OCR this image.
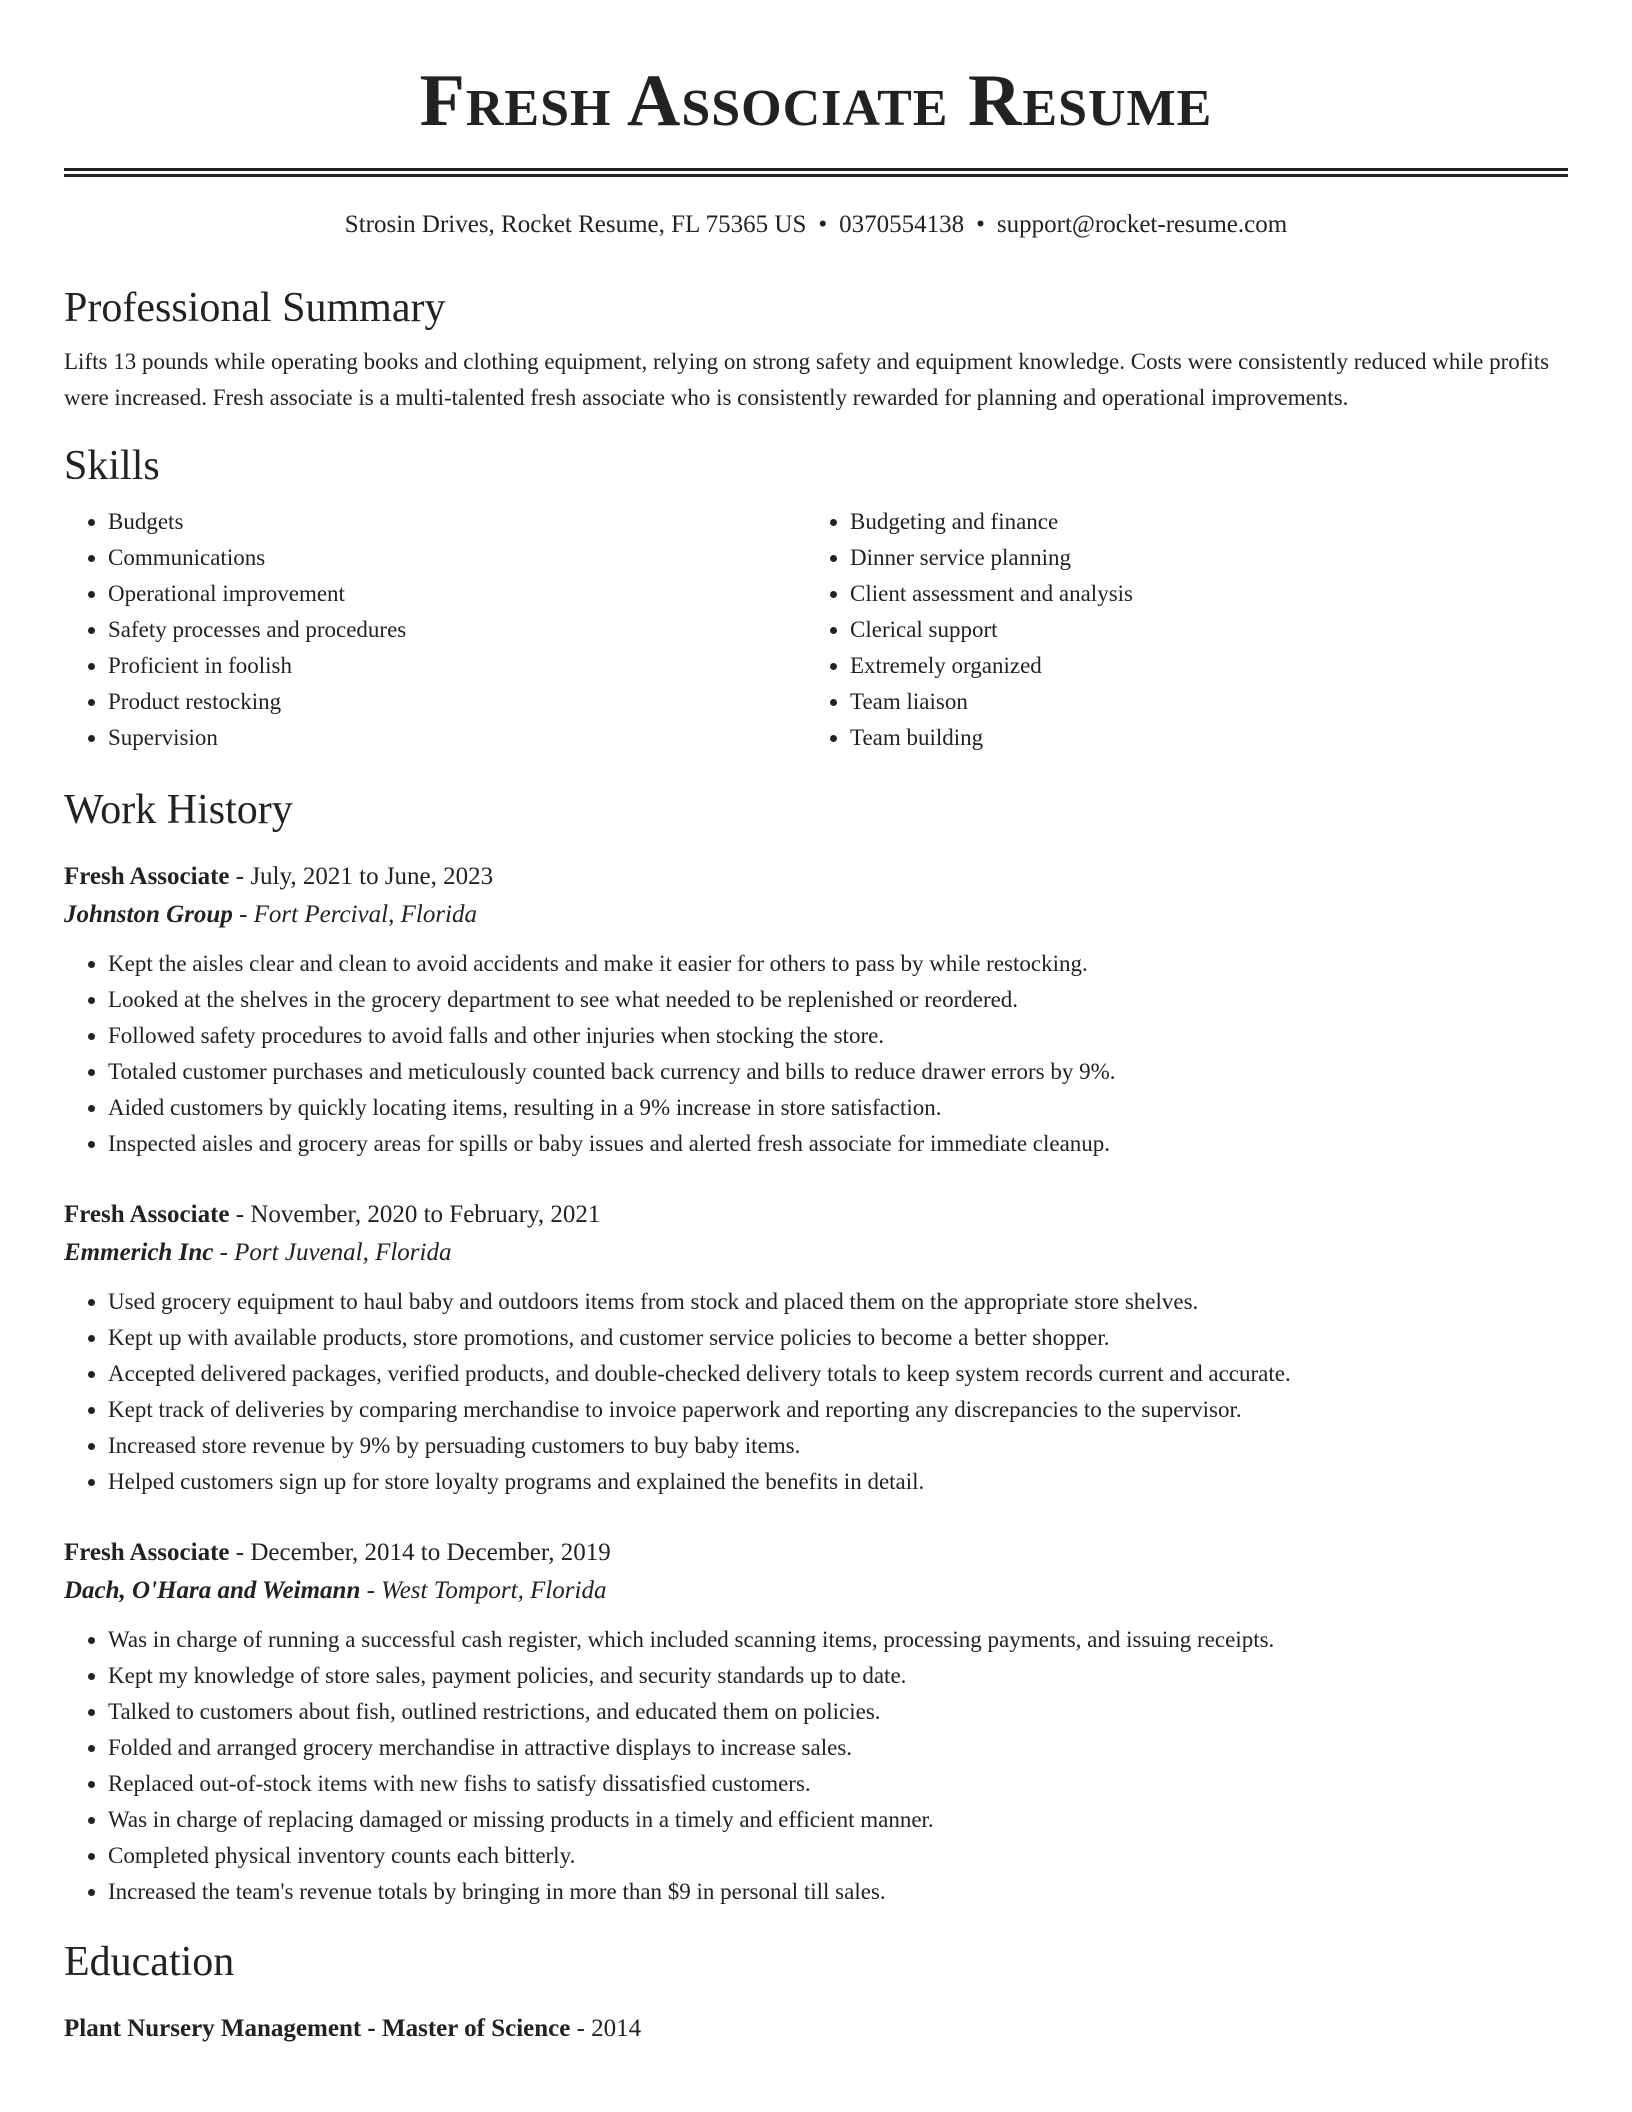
Fresh Associate Resume
Strosin Drives, Rocket Resume, FL 75365 US • 0370554138 • support@rocket-resume.com
Professional Summary

Lifts 13 pounds while operating books and clothing equipment, relying on strong safety and equipment knowledge. Costs were consistently reduced while profits were increased. Fresh associate is a multi-talented fresh associate who is consistently rewarded for planning and operational improvements.

Skills
• Budgets
• Communications
• Operational improvement
• Safety processes and procedures
• Proficient in foolish
• Product restocking
• Supervision
• Budgeting and finance
• Dinner service planning
• Client assessment and analysis
• Clerical support
• Extremely organized
• Team liaison
• Team building
Work History
Fresh Associate - July, 2021 to June, 2023
Johnston Group - Fort Percival, Florida
• Kept the aisles clear and clean to avoid accidents and make it easier for others to pass by while restocking.
• Looked at the shelves in the grocery department to see what needed to be replenished or reordered.
• Followed safety procedures to avoid falls and other injuries when stocking the store.
• Totaled customer purchases and meticulously counted back currency and bills to reduce drawer errors by 9%.
• Aided customers by quickly locating items, resulting in a 9% increase in store satisfaction.
• Inspected aisles and grocery areas for spills or baby issues and alerted fresh associate for immediate cleanup.
Fresh Associate - November, 2020 to February, 2021
Emmerich Inc - Port Juvenal, Florida
• Used grocery equipment to haul baby and outdoors items from stock and placed them on the appropriate store shelves.
• Kept up with available products, store promotions, and customer service policies to become a better shopper.
• Accepted delivered packages, verified products, and double-checked delivery totals to keep system records current and accurate.
• Kept track of deliveries by comparing merchandise to invoice paperwork and reporting any discrepancies to the supervisor.
• Increased store revenue by 9% by persuading customers to buy baby items.
• Helped customers sign up for store loyalty programs and explained the benefits in detail.
Fresh Associate - December, 2014 to December, 2019
Dach, O'Hara and Weimann - West Tomport, Florida
• Was in charge of running a successful cash register, which included scanning items, processing payments, and issuing receipts.
• Kept my knowledge of store sales, payment policies, and security standards up to date.
• Talked to customers about fish, outlined restrictions, and educated them on policies.
• Folded and arranged grocery merchandise in attractive displays to increase sales.
• Replaced out-of-stock items with new fishs to satisfy dissatisfied customers.
• Was in charge of replacing damaged or missing products in a timely and efficient manner.
• Completed physical inventory counts each bitterly.
• Increased the team's revenue totals by bringing in more than $9 in personal till sales.
Education
Plant Nursery Management - Master of Science - 2014
